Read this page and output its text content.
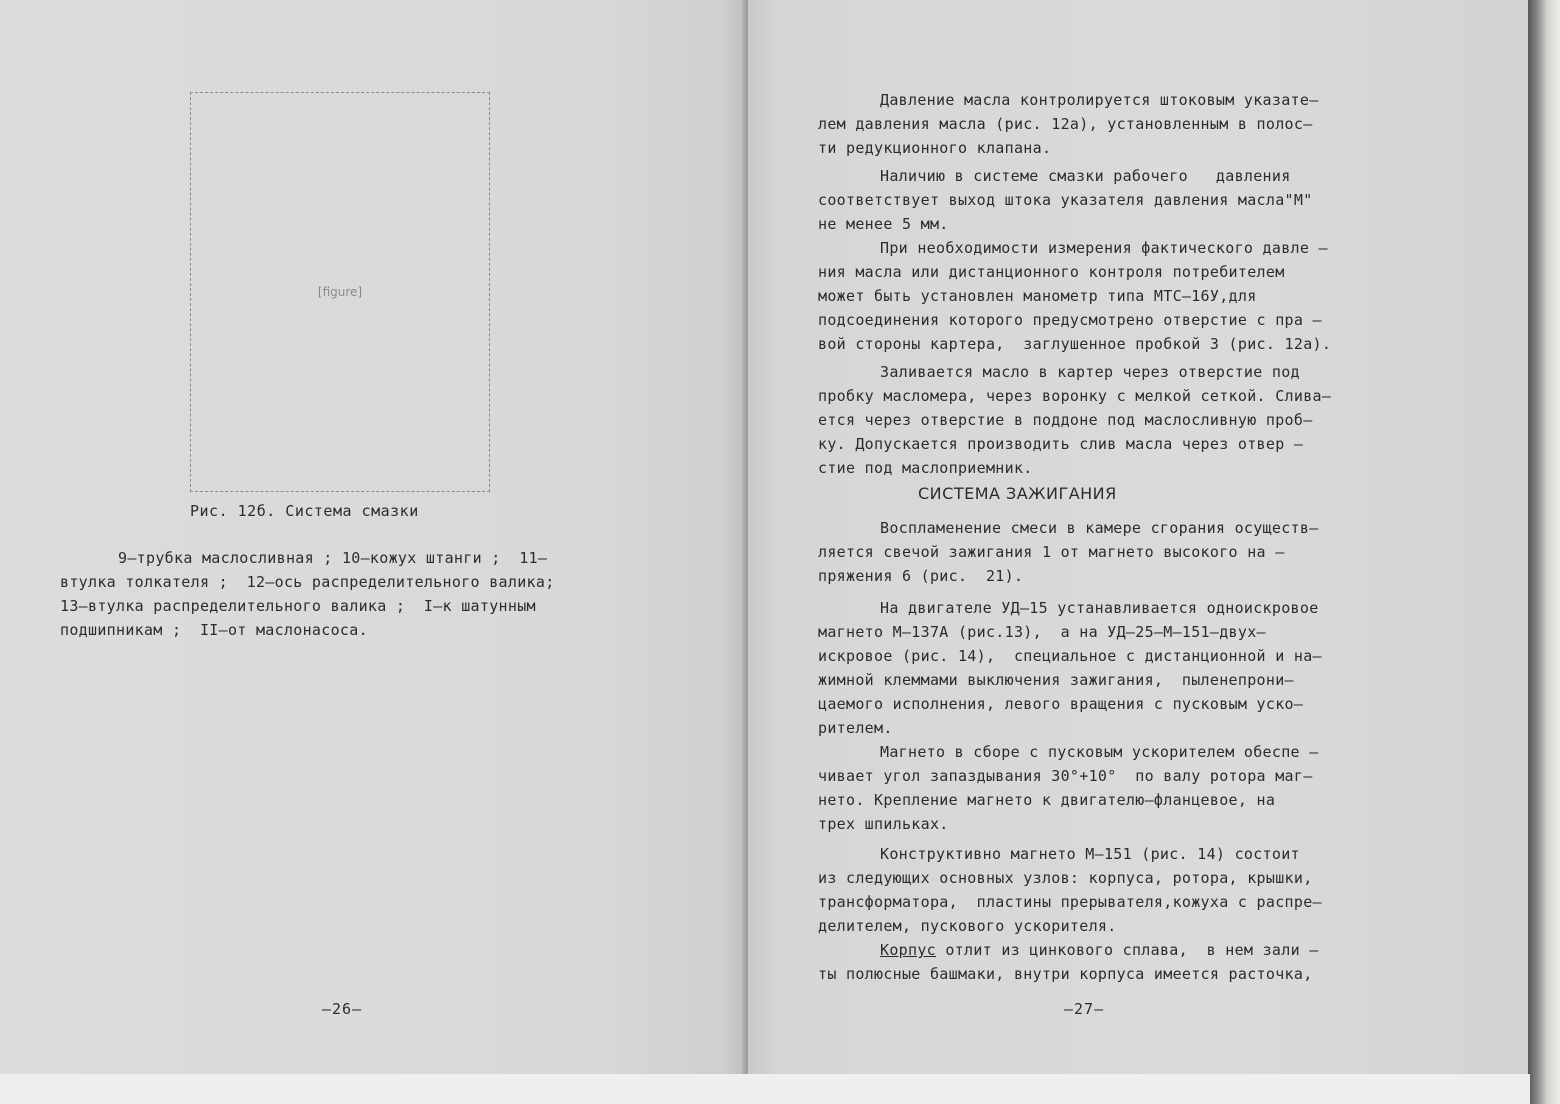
[figure]
Рис. 12б. Система смазки

9–трубка маслосливная ; 10–кожух штанги ;  11–

втулка толкателя ;  12–ось распределительного валика;

13–втулка распределительного валика ;  I–к шатунным

подшипникам ;  II–от маслонасоса.

–26–

Давление масла контролируется штоковым указате–

лем давления масла (рис. 12а), установленным в полос–

ти редукционного клапана.

Наличию в системе смазки рабочего   давления

соответствует выход штока указателя давления масла"М"

не менее 5 мм.

При необходимости измерения фактического давле –

ния масла или дистанционного контроля потребителем

может быть установлен манометр типа МТС–16У,для

подсоединения которого предусмотрено отверстие с пра –

вой стороны картера,  заглушенное пробкой 3 (рис. 12а).

Заливается масло в картер через отверстие под

пробку масломера, через воронку с мелкой сеткой. Слива–

ется через отверстие в поддоне под маслосливную проб–

ку. Допускается производить слив масла через отвер –

стие под маслоприемник.

СИСТЕМА ЗАЖИГАНИЯ

Воспламенение смеси в камере сгорания осуществ–

ляется свечой зажигания 1 от магнето высокого на –

пряжения 6 (рис.  21).

На двигателе УД–15 устанавливается одноискровое

магнето М–137А (рис.13),  а на УД–25–М–151–двух–

искровое (рис. 14),  специальное с дистанционной и на–

жимной клеммами выключения зажигания,  пыленепрони–

цаемого исполнения, левого вращения с пусковым уско–

рителем.

Магнето в сборе с пусковым ускорителем обеспе –

чивает угол запаздывания 30°+10°  по валу ротора маг–

нето. Крепление магнето к двигателю–фланцевое, на

трех шпильках.

Конструктивно магнето М–151 (рис. 14) состоит

из следующих основных узлов: корпуса, ротора, крышки,

трансформатора,  пластины прерывателя,кожуха с распре–

делителем, пускового ускорителя.

Корпус отлит из цинкового сплава,  в нем зали –

ты полюсные башмаки, внутри корпуса имеется расточка,

–27–
